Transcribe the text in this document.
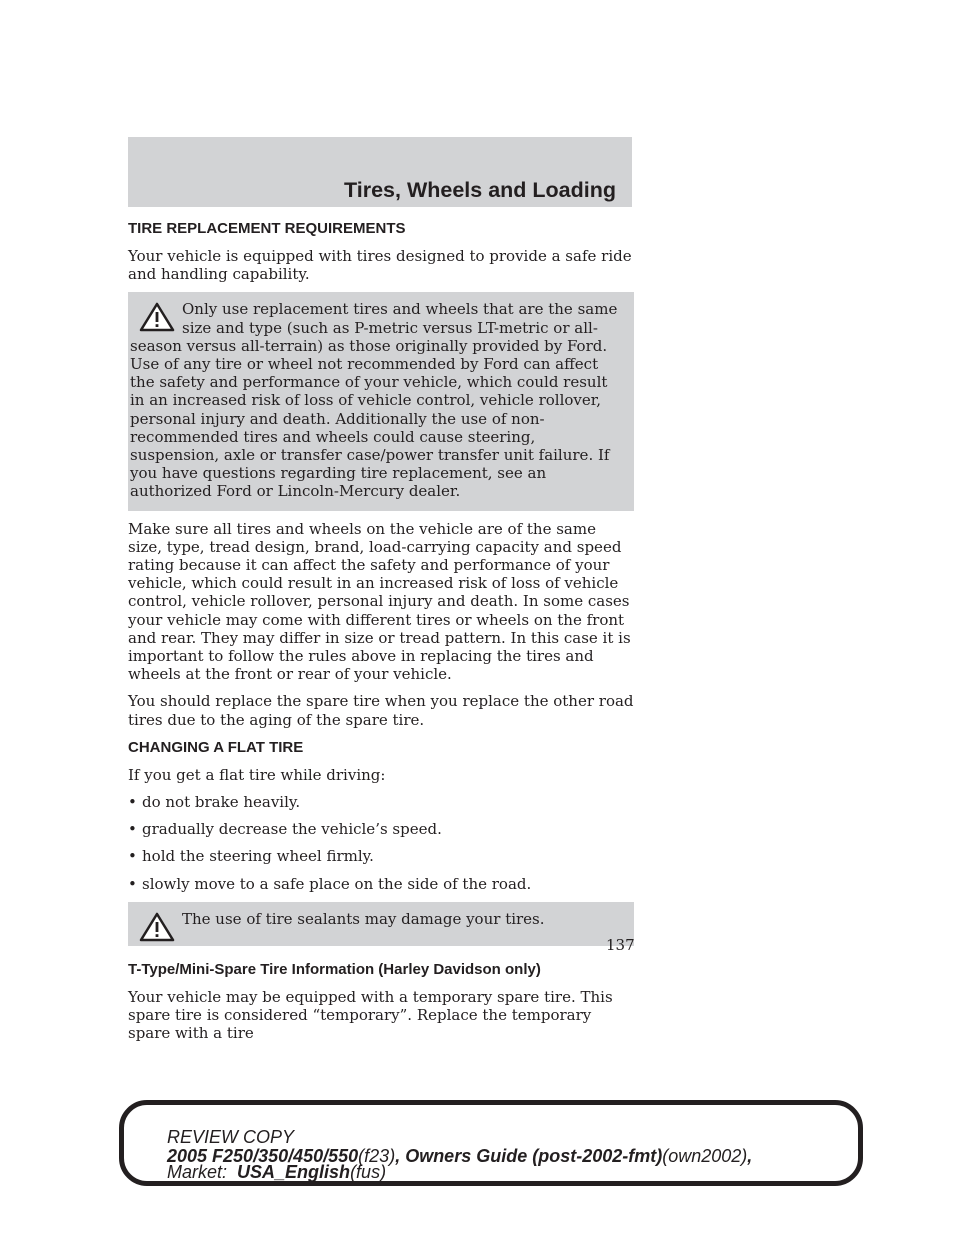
Tires, Wheels and Loading
TIRE REPLACEMENT REQUIREMENTS

Your vehicle is equipped with tires designed to provide a safe ride and handling capability.

Only use replacement tires and wheels that are the same size and type (such as P-metric versus LT-metric or all-season versus all-terrain) as those originally provided by Ford. Use of any tire or wheel not recommended by Ford can affect the safety and performance of your vehicle, which could result in an increased risk of loss of vehicle control, vehicle rollover, personal injury and death. Additionally the use of non-recommended tires and wheels could cause steering, suspension, axle or transfer case/power transfer unit failure. If you have questions regarding tire replacement, see an authorized Ford or Lincoln-Mercury dealer.

Make sure all tires and wheels on the vehicle are of the same size, type, tread design, brand, load-carrying capacity and speed rating because it can affect the safety and performance of your vehicle, which could result in an increased risk of loss of vehicle control, vehicle rollover, personal injury and death. In some cases your vehicle may come with different tires or wheels on the front and rear. They may differ in size or tread pattern. In this case it is important to follow the rules above in replacing the tires and wheels at the front or rear of your vehicle.

You should replace the spare tire when you replace the other road tires due to the aging of the spare tire.

CHANGING A FLAT TIRE

If you get a flat tire while driving:

• do not brake heavily.
• gradually decrease the vehicle’s speed.
• hold the steering wheel firmly.
• slowly move to a safe place on the side of the road.

The use of tire sealants may damage your tires.

T-Type/Mini-Spare Tire Information (Harley Davidson only)

Your vehicle may be equipped with a temporary spare tire. This spare tire is considered “temporary”. Replace the temporary spare with a tire

137
REVIEW COPY
2005 F250/350/450/550(f23), Owners Guide (post-2002-fmt)(own2002),
Market: USA_English(fus)
